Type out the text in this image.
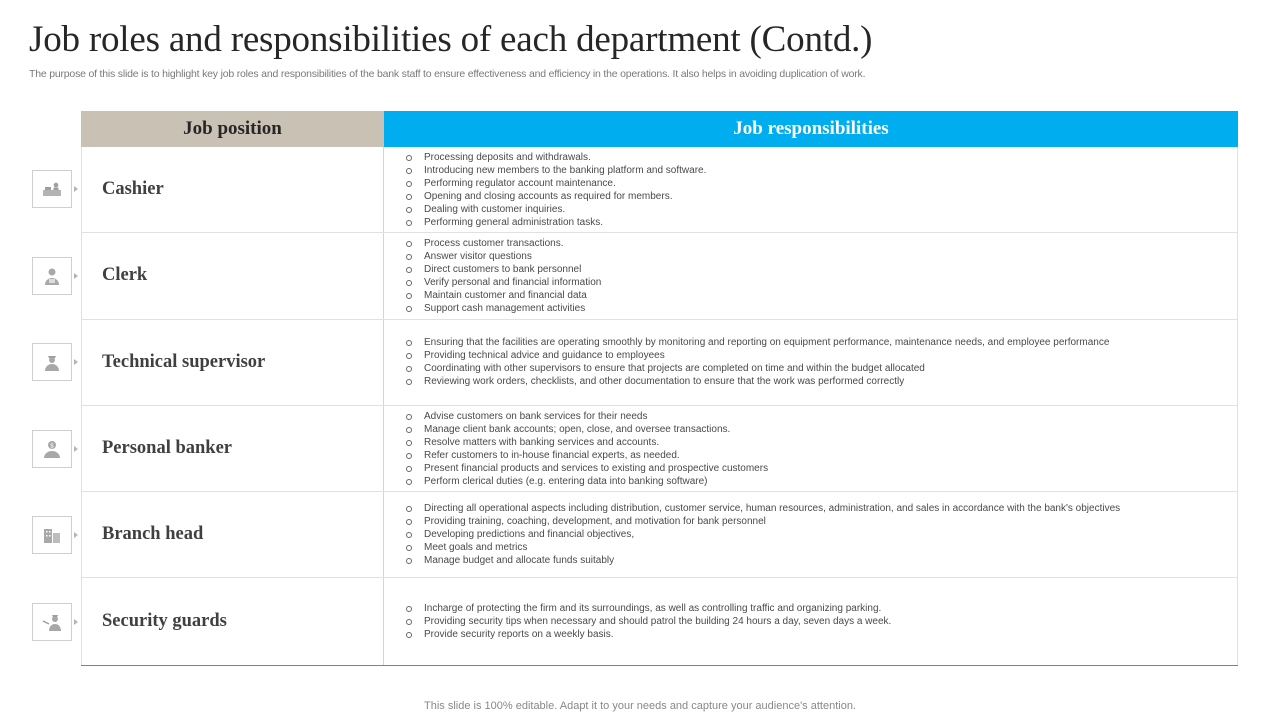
Job roles and responsibilities of each department (Contd.)
The purpose of this slide is to highlight key job roles and responsibilities of the bank staff to ensure effectiveness and efficiency in the operations. It also helps in avoiding duplication of work.
Job position	Job responsibilities
Cashier
Processing deposits and withdrawals.
Introducing new members to the banking platform and software.
Performing regulator account maintenance.
Opening and closing accounts as required for members.
Dealing with customer inquiries.
Performing general administration tasks.
Clerk
Process customer transactions.
Answer visitor questions
Direct customers to bank personnel
Verify personal and financial information
Maintain customer and financial data
Support cash management activities
Technical supervisor
Ensuring that the facilities are operating smoothly by monitoring and reporting on equipment performance, maintenance needs, and employee performance
Providing technical advice and guidance to employees
Coordinating with other supervisors to ensure that projects are completed on time and within the budget allocated
Reviewing work orders, checklists, and other documentation to ensure that the work was performed correctly
Personal banker
Advise customers on bank services for their needs
Manage client bank accounts; open, close, and oversee transactions.
Resolve matters with banking services and accounts.
Refer customers to in-house financial experts, as needed.
Present financial products and services to existing and prospective customers
Perform clerical duties (e.g. entering data into banking software)
Branch head
Directing all operational aspects including distribution, customer service, human resources, administration, and sales in accordance with the bank's objectives
Providing training, coaching, development, and motivation for bank personnel
Developing predictions and financial objectives,
Meet goals and metrics
Manage budget and allocate funds suitably
Security guards
Incharge of protecting the firm and its surroundings, as well as controlling traffic and organizing parking.
Providing security tips when necessary and should patrol the building 24 hours a day, seven days a week.
Provide security reports on a weekly basis.
$
This slide is 100% editable. Adapt it to your needs and capture your audience's attention.
